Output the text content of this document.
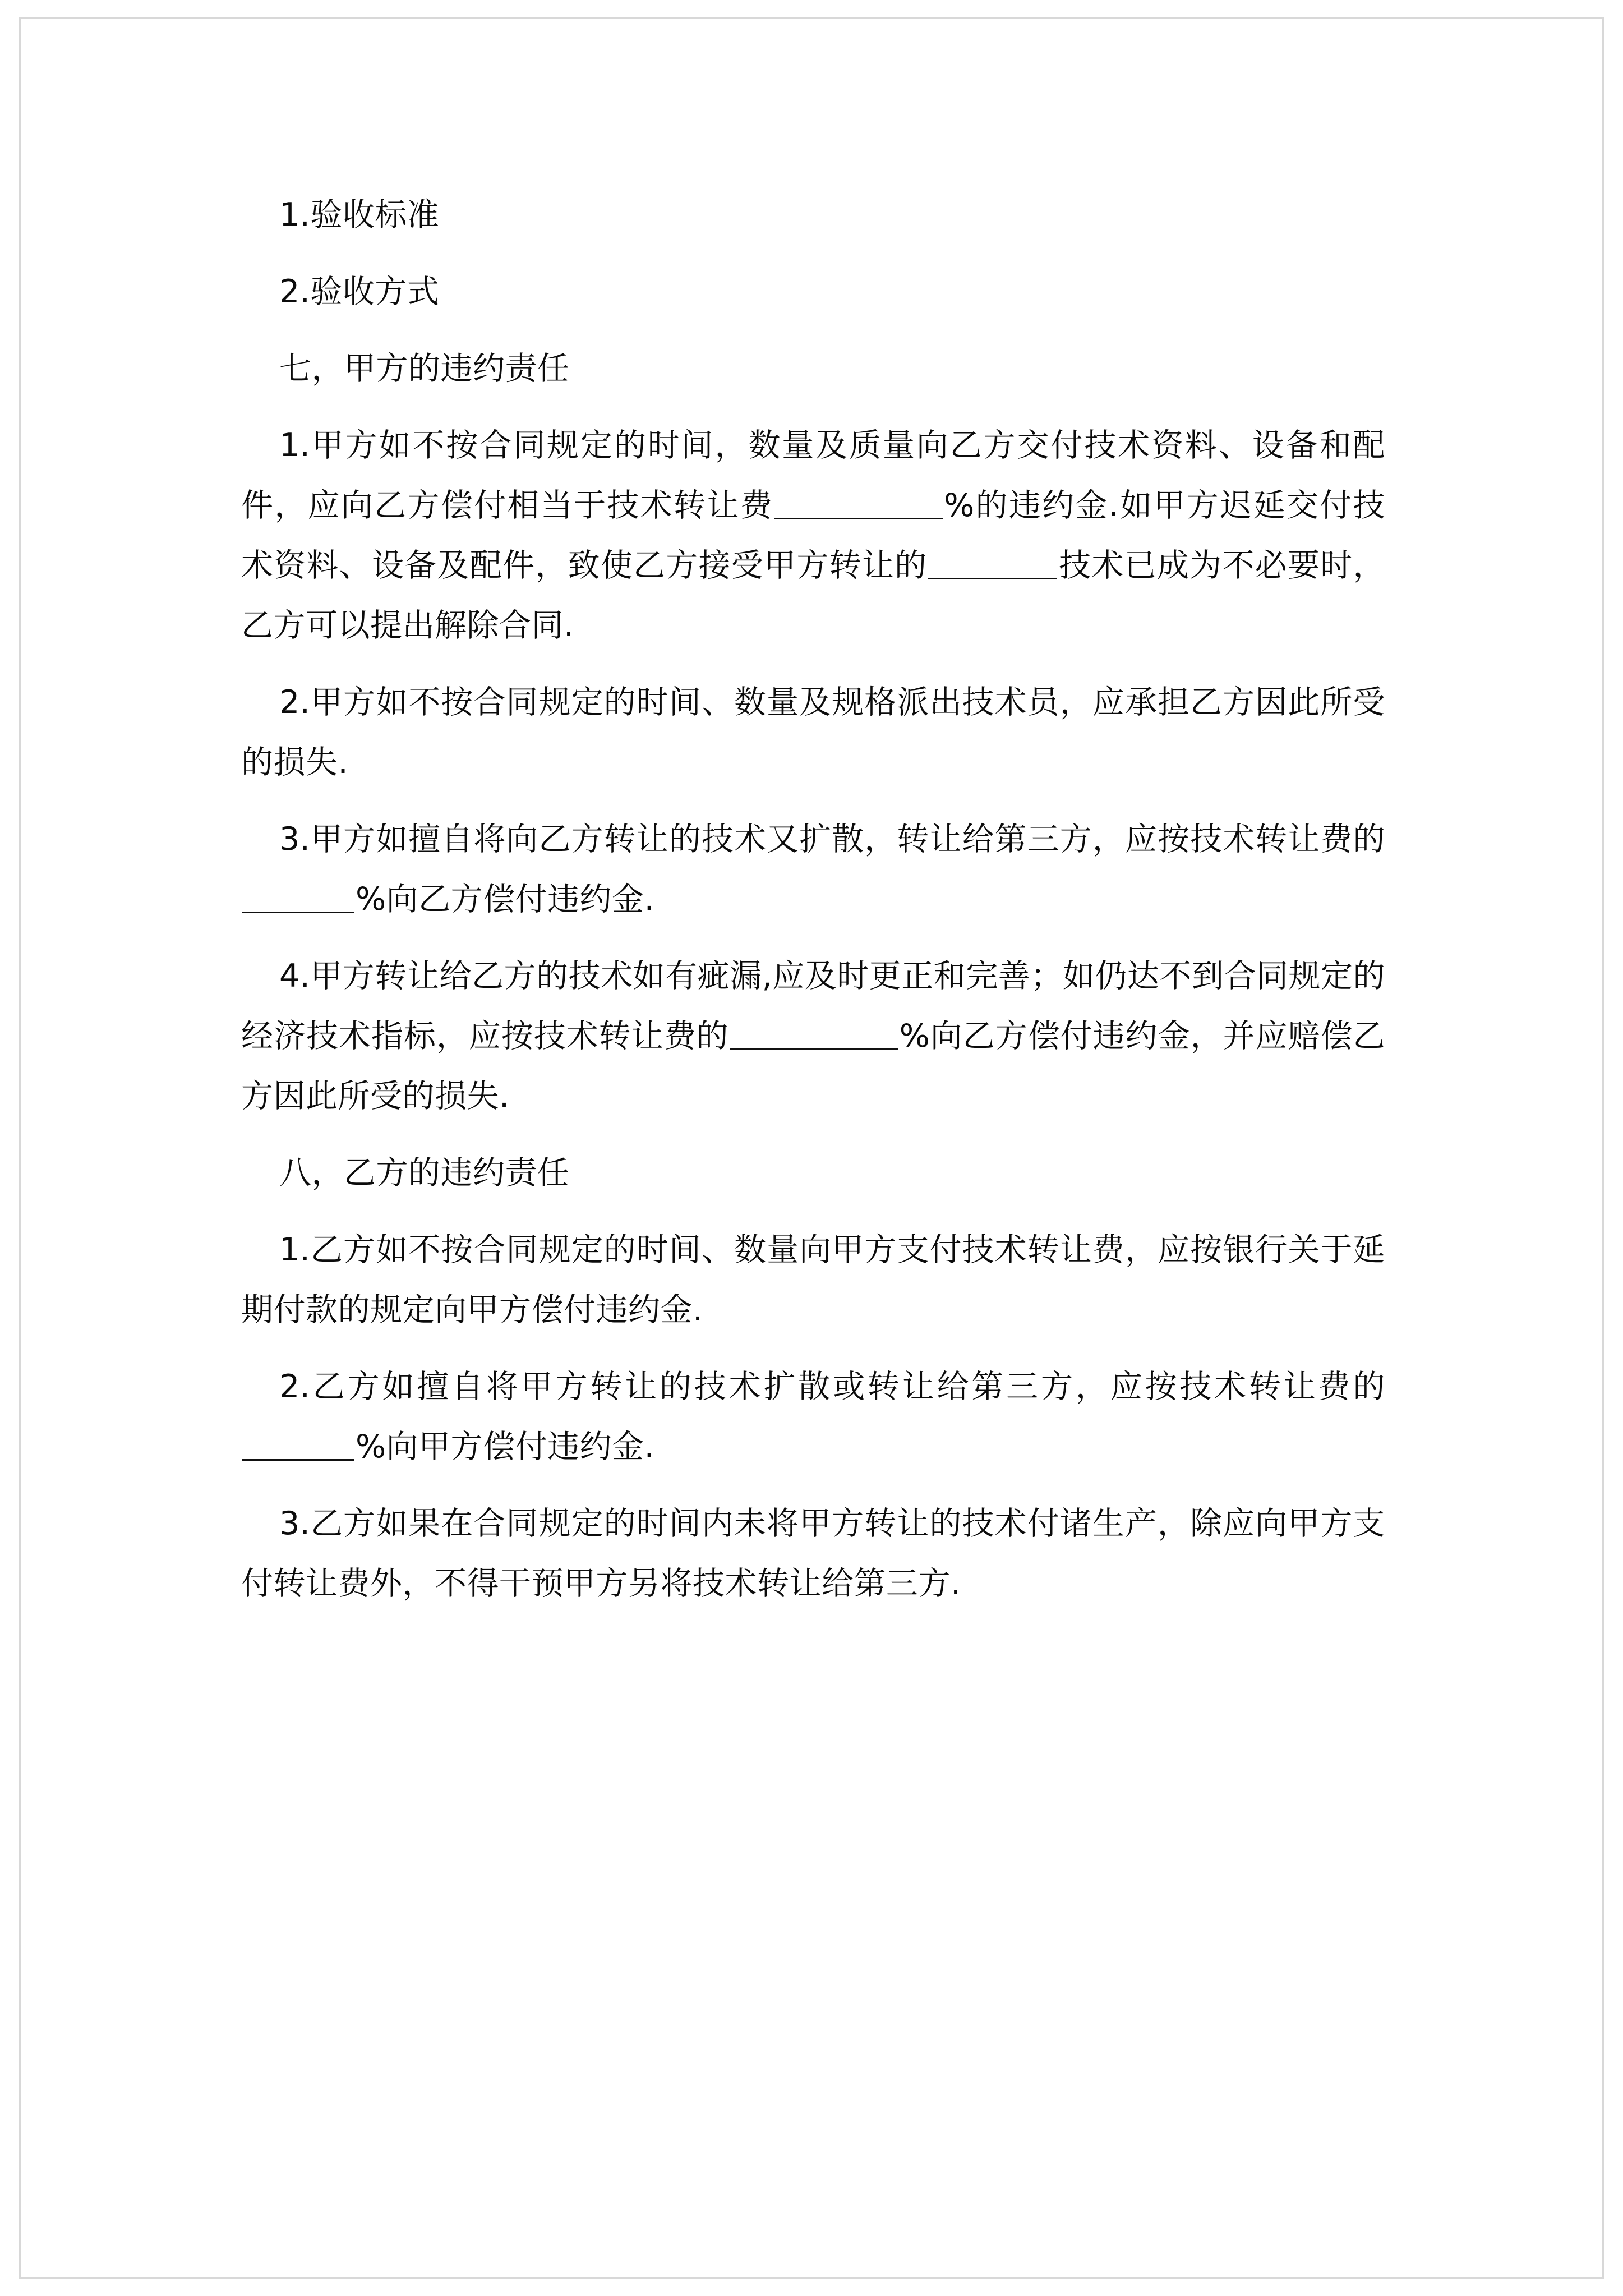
1.验收标准

2.验收方式

七，甲方的违约责任

1.甲方如不按合同规定的时间，数量及质量向乙方交付技术资料、设备和配件，应向乙方偿付相当于技术转让费	%的违约金.如甲方迟延交付技术资料、设备及配件，致使乙方接受甲方转让的	技术已成为不必要时，乙方可以提出解除合同.

2.甲方如不按合同规定的时间、数量及规格派出技术员，应承担乙方因此所受的损失.

3.甲方如擅自将向乙方转让的技术又扩散，转让给第三方，应按技术转让费的%向乙方偿付违约金.

4.甲方转让给乙方的技术如有疵漏,应及时更正和完善；如仍达不到合同规定的经济技术指标，应按技术转让费的	%向乙方偿付违约金，并应赔偿乙方因此所受的损失.

八，乙方的违约责任

1.乙方如不按合同规定的时间、数量向甲方支付技术转让费，应按银行关于延期付款的规定向甲方偿付违约金.

2.乙方如擅自将甲方转让的技术扩散或转让给第三方，应按技术转让费的%向甲方偿付违约金.

3.乙方如果在合同规定的时间内未将甲方转让的技术付诸生产，除应向甲方支付转让费外，不得干预甲方另将技术转让给第三方.
